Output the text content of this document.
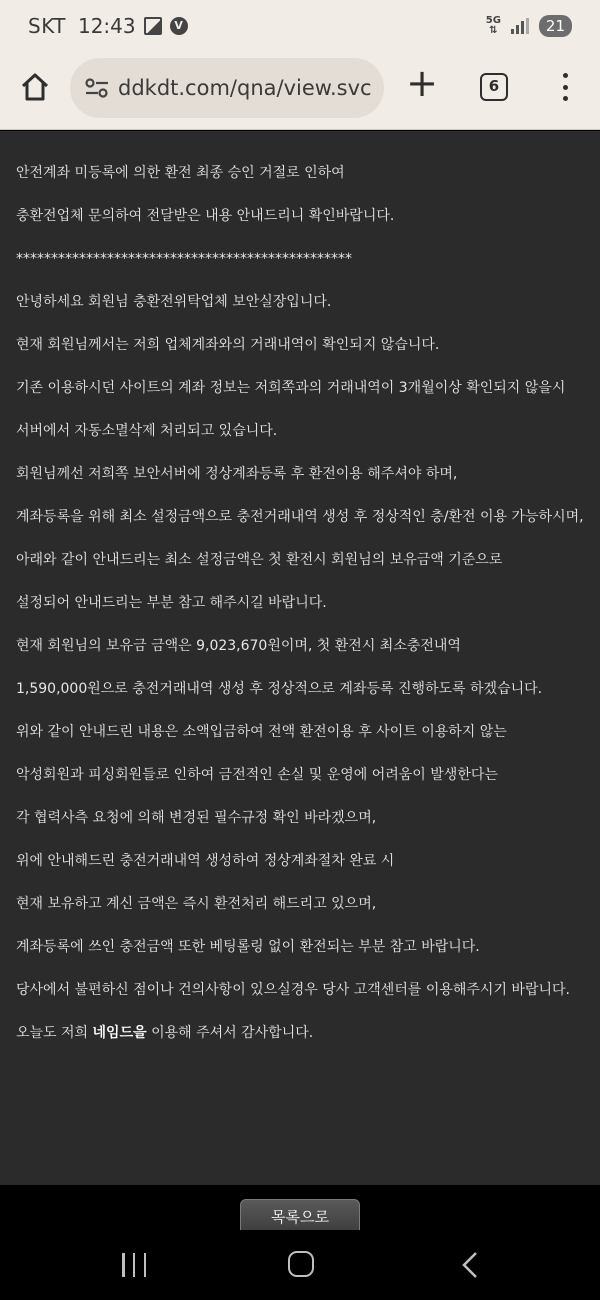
SKT 12:43	V	5G
⇅	21
ddkdt.com/qna/view.svc +	6

안전계좌 미등록에 의한 환전 최종 승인 거절로 인하여

충환전업체 문의하여 전달받은 내용 안내드리니 확인바랍니다.

************************************************

안녕하세요 회원님 충환전위탁업체 보안실장입니다.

현재 회원님께서는 저희 업체계좌와의 거래내역이 확인되지 않습니다.

기존 이용하시던 사이트의 계좌 정보는 저희쪽과의 거래내역이 3개월이상 확인되지 않을시

서버에서 자동소멸삭제 처리되고 있습니다.

회원님께선 저희쪽 보안서버에 정상계좌등록 후 환전이용 해주셔야 하며,

계좌등록을 위해 최소 설정금액으로 충전거래내역 생성 후 정상적인 충/환전 이용 가능하시며,

아래와 같이 안내드리는 최소 설정금액은 첫 환전시 회원님의 보유금액 기준으로

설정되어 안내드리는 부분 참고 해주시길 바랍니다.

현재 회원님의 보유금 금액은 9,023,670원이며, 첫 환전시 최소충전내역

1,590,000원으로 충전거래내역 생성 후 정상적으로 계좌등록 진행하도록 하겠습니다.

위와 같이 안내드린 내용은 소액입금하여 전액 환전이용 후 사이트 이용하지 않는

악성회원과 피싱회원들로 인하여 금전적인 손실 및 운영에 어려움이 발생한다는

각 협력사측 요청에 의해 변경된 필수규정 확인 바라겠으며,

위에 안내해드린 충전거래내역 생성하여 정상계좌절차 완료 시

현재 보유하고 계신 금액은 즉시 환전처리 해드리고 있으며,

계좌등록에 쓰인 충전금액 또한 베팅롤링 없이 환전되는 부분 참고 바랍니다.

당사에서 불편하신 점이나 건의사항이 있으실경우 당사 고객센터를 이용해주시기 바랍니다.

오늘도 저희 네임드을 이용해 주셔서 감사합니다.

목록으로
